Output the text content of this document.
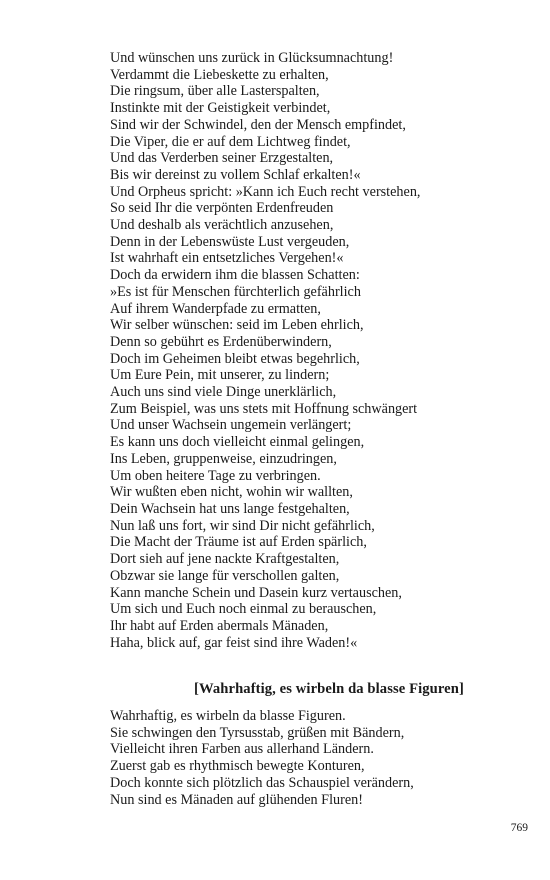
Und wünschen uns zurück in Glücksumnachtung!
Verdammt die Liebeskette zu erhalten,
Die ringsum, über alle Lasterspalten,
Instinkte mit der Geistigkeit verbindet,
Sind wir der Schwindel, den der Mensch empfindet,
Die Viper, die er auf dem Lichtweg findet,
Und das Verderben seiner Erzgestalten,
Bis wir dereinst zu vollem Schlaf erkalten!«
Und Orpheus spricht: »Kann ich Euch recht verstehen,
So seid Ihr die verpönten Erdenfreuden
Und deshalb als verächtlich anzusehen,
Denn in der Lebenswüste Lust vergeuden,
Ist wahrhaft ein entsetzliches Vergehen!«
Doch da erwidern ihm die blassen Schatten:
»Es ist für Menschen fürchterlich gefährlich
Auf ihrem Wanderpfade zu ermatten,
Wir selber wünschen: seid im Leben ehrlich,
Denn so gebührt es Erdenüberwindern,
Doch im Geheimen bleibt etwas begehrlich,
Um Eure Pein, mit unserer, zu lindern;
Auch uns sind viele Dinge unerklärlich,
Zum Beispiel, was uns stets mit Hoffnung schwängert
Und unser Wachsein ungemein verlängert;
Es kann uns doch vielleicht einmal gelingen,
Ins Leben, gruppenweise, einzudringen,
Um oben heitere Tage zu verbringen.
Wir wußten eben nicht, wohin wir wallten,
Dein Wachsein hat uns lange festgehalten,
Nun laß uns fort, wir sind Dir nicht gefährlich,
Die Macht der Träume ist auf Erden spärlich,
Dort sieh auf jene nackte Kraftgestalten,
Obzwar sie lange für verschollen galten,
Kann manche Schein und Dasein kurz vertauschen,
Um sich und Euch noch einmal zu berauschen,
Ihr habt auf Erden abermals Mänaden,
Haha, blick auf, gar feist sind ihre Waden!«
[Wahrhaftig, es wirbeln da blasse Figuren]
Wahrhaftig, es wirbeln da blasse Figuren.
Sie schwingen den Tyrsusstab, grüßen mit Bändern,
Vielleicht ihren Farben aus allerhand Ländern.
Zuerst gab es rhythmisch bewegte Konturen,
Doch konnte sich plötzlich das Schauspiel verändern,
Nun sind es Mänaden auf glühenden Fluren!
769
